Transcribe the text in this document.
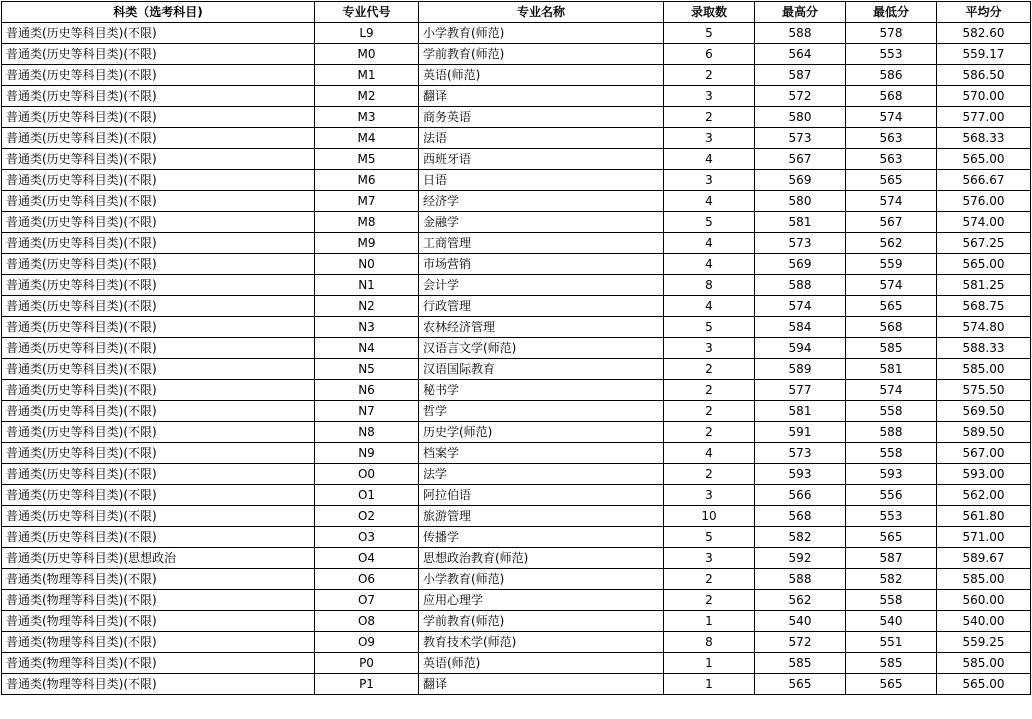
科类（选考科目)	专业代号	专业名称	录取数	最高分	最低分	平均分
普通类(历史等科目类)(不限)	L9	小学教育(师范)	5	588	578	582.60
普通类(历史等科目类)(不限)	M0	学前教育(师范)	6	564	553	559.17
普通类(历史等科目类)(不限)	M1	英语(师范)	2	587	586	586.50
普通类(历史等科目类)(不限)	M2	翻译	3	572	568	570.00
普通类(历史等科目类)(不限)	M3	商务英语	2	580	574	577.00
普通类(历史等科目类)(不限)	M4	法语	3	573	563	568.33
普通类(历史等科目类)(不限)	M5	西班牙语	4	567	563	565.00
普通类(历史等科目类)(不限)	M6	日语	3	569	565	566.67
普通类(历史等科目类)(不限)	M7	经济学	4	580	574	576.00
普通类(历史等科目类)(不限)	M8	金融学	5	581	567	574.00
普通类(历史等科目类)(不限)	M9	工商管理	4	573	562	567.25
普通类(历史等科目类)(不限)	N0	市场营销	4	569	559	565.00
普通类(历史等科目类)(不限)	N1	会计学	8	588	574	581.25
普通类(历史等科目类)(不限)	N2	行政管理	4	574	565	568.75
普通类(历史等科目类)(不限)	N3	农林经济管理	5	584	568	574.80
普通类(历史等科目类)(不限)	N4	汉语言文学(师范)	3	594	585	588.33
普通类(历史等科目类)(不限)	N5	汉语国际教育	2	589	581	585.00
普通类(历史等科目类)(不限)	N6	秘书学	2	577	574	575.50
普通类(历史等科目类)(不限)	N7	哲学	2	581	558	569.50
普通类(历史等科目类)(不限)	N8	历史学(师范)	2	591	588	589.50
普通类(历史等科目类)(不限)	N9	档案学	4	573	558	567.00
普通类(历史等科目类)(不限)	O0	法学	2	593	593	593.00
普通类(历史等科目类)(不限)	O1	阿拉伯语	3	566	556	562.00
普通类(历史等科目类)(不限)	O2	旅游管理	10	568	553	561.80
普通类(历史等科目类)(不限)	O3	传播学	5	582	565	571.00
普通类(历史等科目类)(思想政治	O4	思想政治教育(师范)	3	592	587	589.67
普通类(物理等科目类)(不限)	O6	小学教育(师范)	2	588	582	585.00
普通类(物理等科目类)(不限)	O7	应用心理学	2	562	558	560.00
普通类(物理等科目类)(不限)	O8	学前教育(师范)	1	540	540	540.00
普通类(物理等科目类)(不限)	O9	教育技术学(师范)	8	572	551	559.25
普通类(物理等科目类)(不限)	P0	英语(师范)	1	585	585	585.00
普通类(物理等科目类)(不限)	P1	翻译	1	565	565	565.00
